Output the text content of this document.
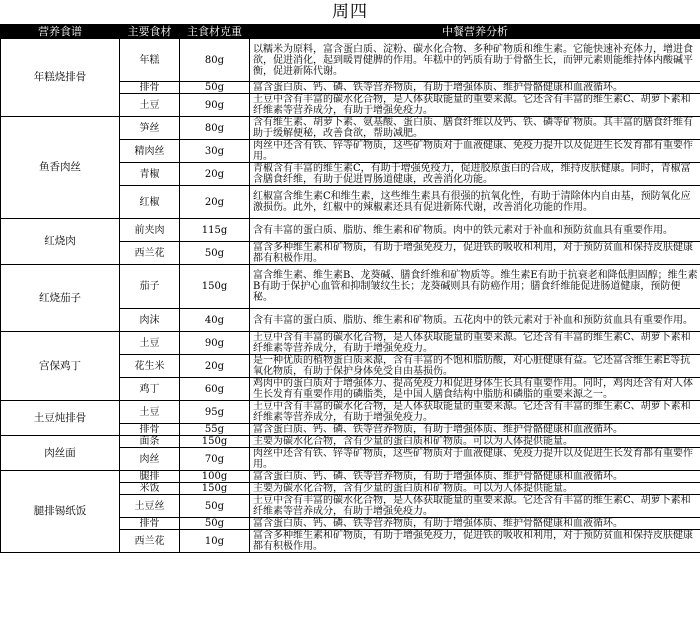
周四
营养食谱	主要食材	主食材克重	中餐营养分析
年糕烧排骨	年糕	80g	以糯米为原料，富含蛋白质、淀粉、碳水化合物、多种矿物质和维生素。它能快速补充体力，增进食欲，促进消化，起到暖胃健脾的作用。年糕中的钙质有助于骨骼生长，而钾元素则能维持体内酸碱平衡，促进新陈代谢。
	排骨	50g	富含蛋白质、钙、磷、铁等营养物质，有助于增强体质、维护骨骼健康和血液循环。
	土豆	90g	土豆中含有丰富的碳水化合物，是人体获取能量的重要来源。它还含有丰富的维生素C、胡萝卜素和纤维素等营养成分，有助于增强免疫力。
鱼香肉丝	笋丝	80g	含有维生素、胡萝卜素、氨基酸、蛋白质、膳食纤维以及钙、铁、磷等矿物质。其丰富的膳食纤维有助于缓解便秘，改善食欲，帮助减肥。
	精肉丝	30g	肉丝中还含有铁、锌等矿物质，这些矿物质对于血液健康、免疫力提升以及促进生长发育都有重要作用。
	青椒	20g	青椒含有丰富的维生素C，有助于增强免疫力，促进胶原蛋白的合成，维持皮肤健康。同时，青椒富含膳食纤维，有助于促进胃肠道健康，改善消化功能。
	红椒	20g	红椒富含维生素C和维生素，这些维生素具有很强的抗氧化性，有助于清除体内自由基，预防氧化应激损伤。此外，红椒中的辣椒素还具有促进新陈代谢，改善消化功能的作用。
红烧肉	前夹肉	115g	含有丰富的蛋白质、脂肪、维生素和矿物质。肉中的铁元素对于补血和预防贫血具有重要作用。
	西兰花	50g	富含多种维生素和矿物质，有助于增强免疫力，促进铁的吸收和利用，对于预防贫血和保持皮肤健康都有积极作用。
红烧茄子	茄子	150g	富含维生素、维生素B、龙葵碱、膳食纤维和矿物质等。维生素E有助于抗衰老和降低胆固醇；维生素B有助于保护心血管和抑制皱纹生长；龙葵碱则具有防癌作用；膳食纤维能促进肠道健康，预防便秘。
	肉沫	40g	含有丰富的蛋白质、脂肪、维生素和矿物质。五花肉中的铁元素对于补血和预防贫血具有重要作用。
宫保鸡丁	土豆	90g	土豆中含有丰富的碳水化合物，是人体获取能量的重要来源。它还含有丰富的维生素C、胡萝卜素和纤维素等营养成分，有助于增强免疫力。
	花生米	20g	是一种优质的植物蛋白质来源，含有丰富的不饱和脂肪酸，对心脏健康有益。它还富含维生素E等抗氧化物质，有助于保护身体免受自由基损伤。
	鸡丁	60g	鸡肉中的蛋白质对于增强体力、提高免疫力和促进身体生长具有重要作用。同时，鸡肉还含有对人体生长发育有重要作用的磷脂类，是中国人膳食结构中脂肪和磷脂的重要来源之一。
土豆炖排骨	土豆	95g	土豆中含有丰富的碳水化合物，是人体获取能量的重要来源。它还含有丰富的维生素C、胡萝卜素和纤维素等营养成分，有助于增强免疫力。
	排骨	55g	富含蛋白质、钙、磷、铁等营养物质，有助于增强体质、维护骨骼健康和血液循环。
肉丝面	面条	150g	主要为碳水化合物，含有少量的蛋白质和矿物质。可以为人体提供能量。
	肉丝	70g	肉丝中还含有铁、锌等矿物质，这些矿物质对于血液健康、免疫力提升以及促进生长发育都有重要作用。
腿排锡纸饭	腿排	100g	富含蛋白质、钙、磷、铁等营养物质，有助于增强体质、维护骨骼健康和血液循环。
	米饭	150g	主要为碳水化合物，含有少量的蛋白质和矿物质。可以为人体提供能量。
	土豆丝	50g	土豆中含有丰富的碳水化合物，是人体获取能量的重要来源。它还含有丰富的维生素C、胡萝卜素和纤维素等营养成分，有助于增强免疫力。
	排骨	50g	富含蛋白质、钙、磷、铁等营养物质，有助于增强体质、维护骨骼健康和血液循环。
	西兰花	10g	富含多种维生素和矿物质，有助于增强免疫力，促进铁的吸收和利用，对于预防贫血和保持皮肤健康都有积极作用。
